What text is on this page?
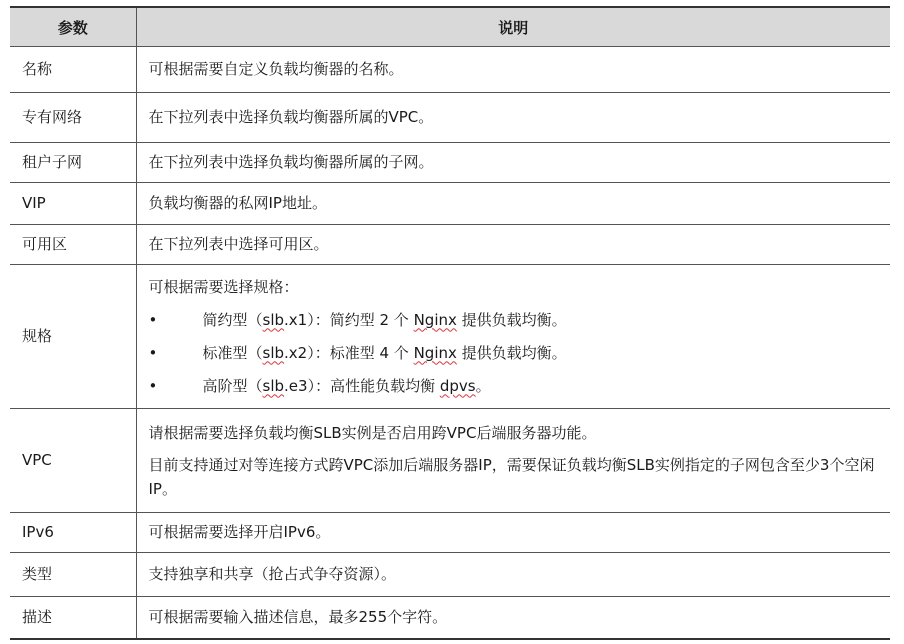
参数	说明
名称	可根据需要自定义负载均衡器的名称。
专有网络	在下拉列表中选择负载均衡器所属的VPC。
租户子网	在下拉列表中选择负载均衡器所属的子网。
VIP	负载均衡器的私网IP地址。
可用区	在下拉列表中选择可用区。
规格	可根据需要选择规格：
• 简约型（slb.x1）：简约型 2 个 Nginx 提供负载均衡。
• 标准型（slb.x2）：标准型 4 个 Nginx 提供负载均衡。
• 高阶型（slb.e3）：高性能负载均衡 dpvs。

VPC	请根据需要选择负载均衡SLB实例是否启用跨VPC后端服务器功能。

目前支持通过对等连接方式跨VPC添加后端服务器IP，需要保证负载均衡SLB实例指定的子网包含至少3个空闲IP。

IPv6	可根据需要选择开启IPv6。
类型	支持独享和共享（抢占式争夺资源）。
描述	可根据需要输入描述信息，最多255个字符。
